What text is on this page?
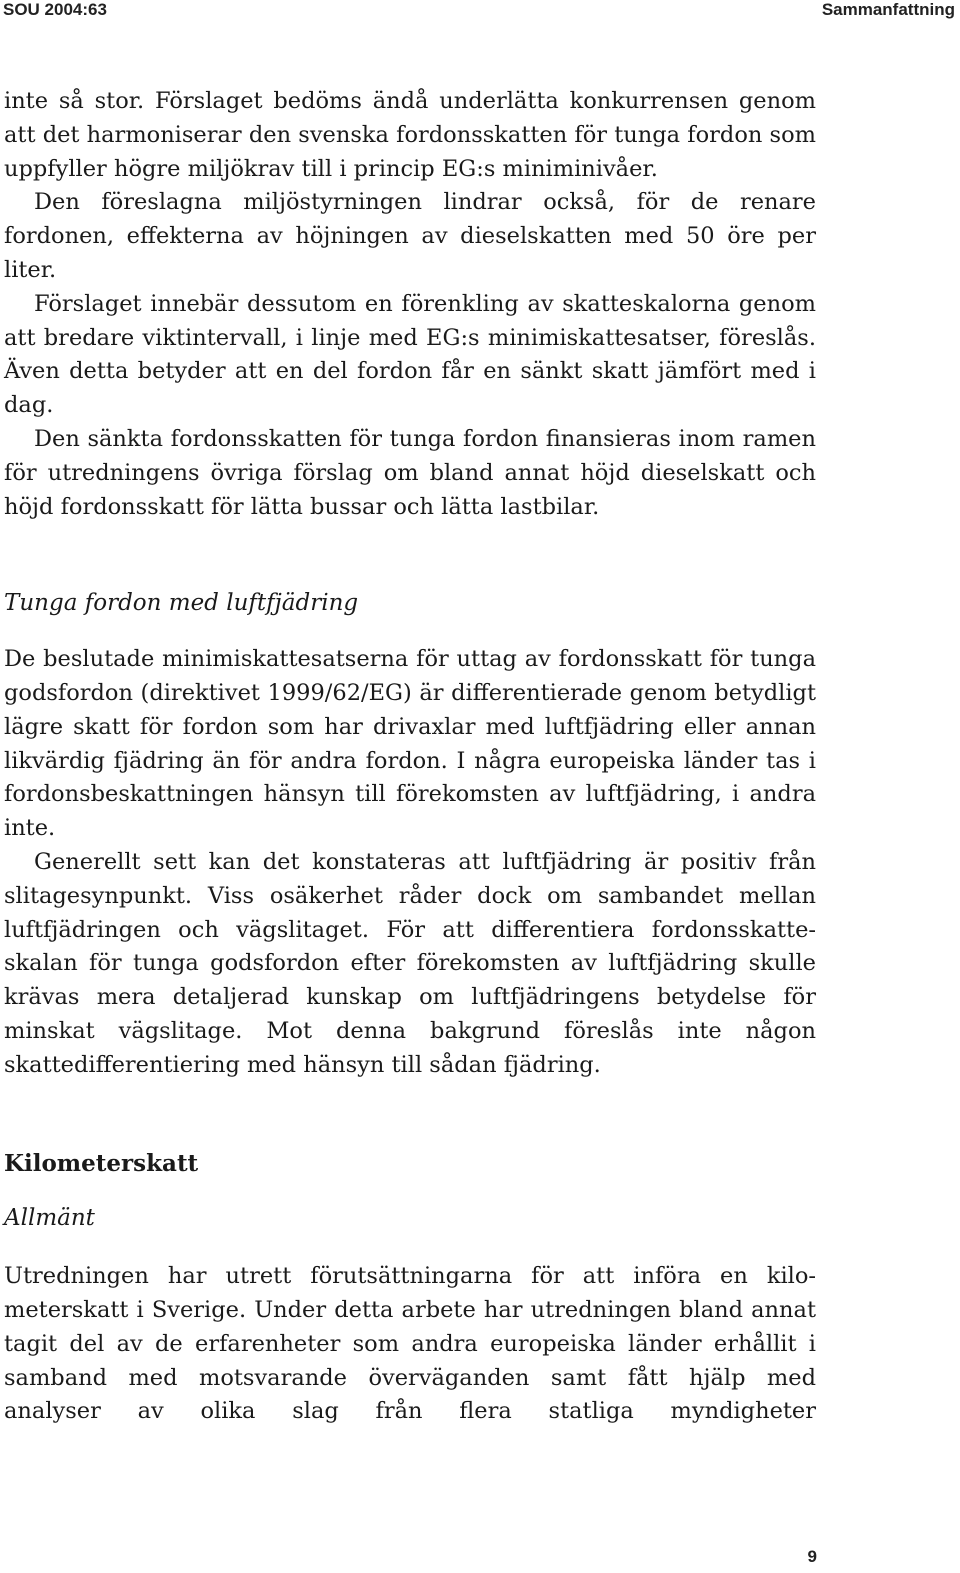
SOU 2004:63	Sammanfattning

inte så stor. Förslaget bedöms ändå underlätta konkurrensen genom att det harmoniserar den svenska fordonsskatten för tunga fordon som uppfyller högre miljökrav till i princip EG:s miniminivåer.

Den föreslagna miljöstyrningen lindrar också, för de renare fordonen, effekterna av höjningen av dieselskatten med 50 öre per liter.

Förslaget innebär dessutom en förenkling av skatteskalorna genom att bredare viktintervall, i linje med EG:s minimiskattesatser, föreslås. Även detta betyder att en del fordon får en sänkt skatt jämfört med i dag.

Den sänkta fordonsskatten för tunga fordon finansieras inom ramen för utredningens övriga förslag om bland annat höjd dieselskatt och höjd fordonsskatt för lätta bussar och lätta lastbilar.

Tunga fordon med luftfjädring

De beslutade minimiskattesatserna för uttag av fordonsskatt för tunga godsfordon (direktivet 1999/62/EG) är differentierade genom betydligt lägre skatt för fordon som har drivaxlar med luftfjädring eller annan likvärdig fjädring än för andra fordon. I några europeiska länder tas i fordonsbeskattningen hänsyn till förekomsten av luftfjädring, i andra inte.

Generellt sett kan det konstateras att luftfjädring är positiv från slitagesynpunkt. Viss osäkerhet råder dock om sambandet mellan luftfjädringen och vägslitaget. För att differentiera fordonsskatteskalan för tunga godsfordon efter förekomsten av luftfjädring skulle krävas mera detaljerad kunskap om luftfjädringens betydelse för minskat vägslitage. Mot denna bakgrund föreslås inte någon skattedifferentiering med hänsyn till sådan fjädring.

Kilometerskatt

Allmänt

Utredningen har utrett förutsättningarna för att införa en kilometerskatt i Sverige. Under detta arbete har utredningen bland annat tagit del av de erfarenheter som andra europeiska länder erhållit i samband med motsvarande överväganden samt fått hjälp med analyser av olika slag från flera statliga myndigheter

9
